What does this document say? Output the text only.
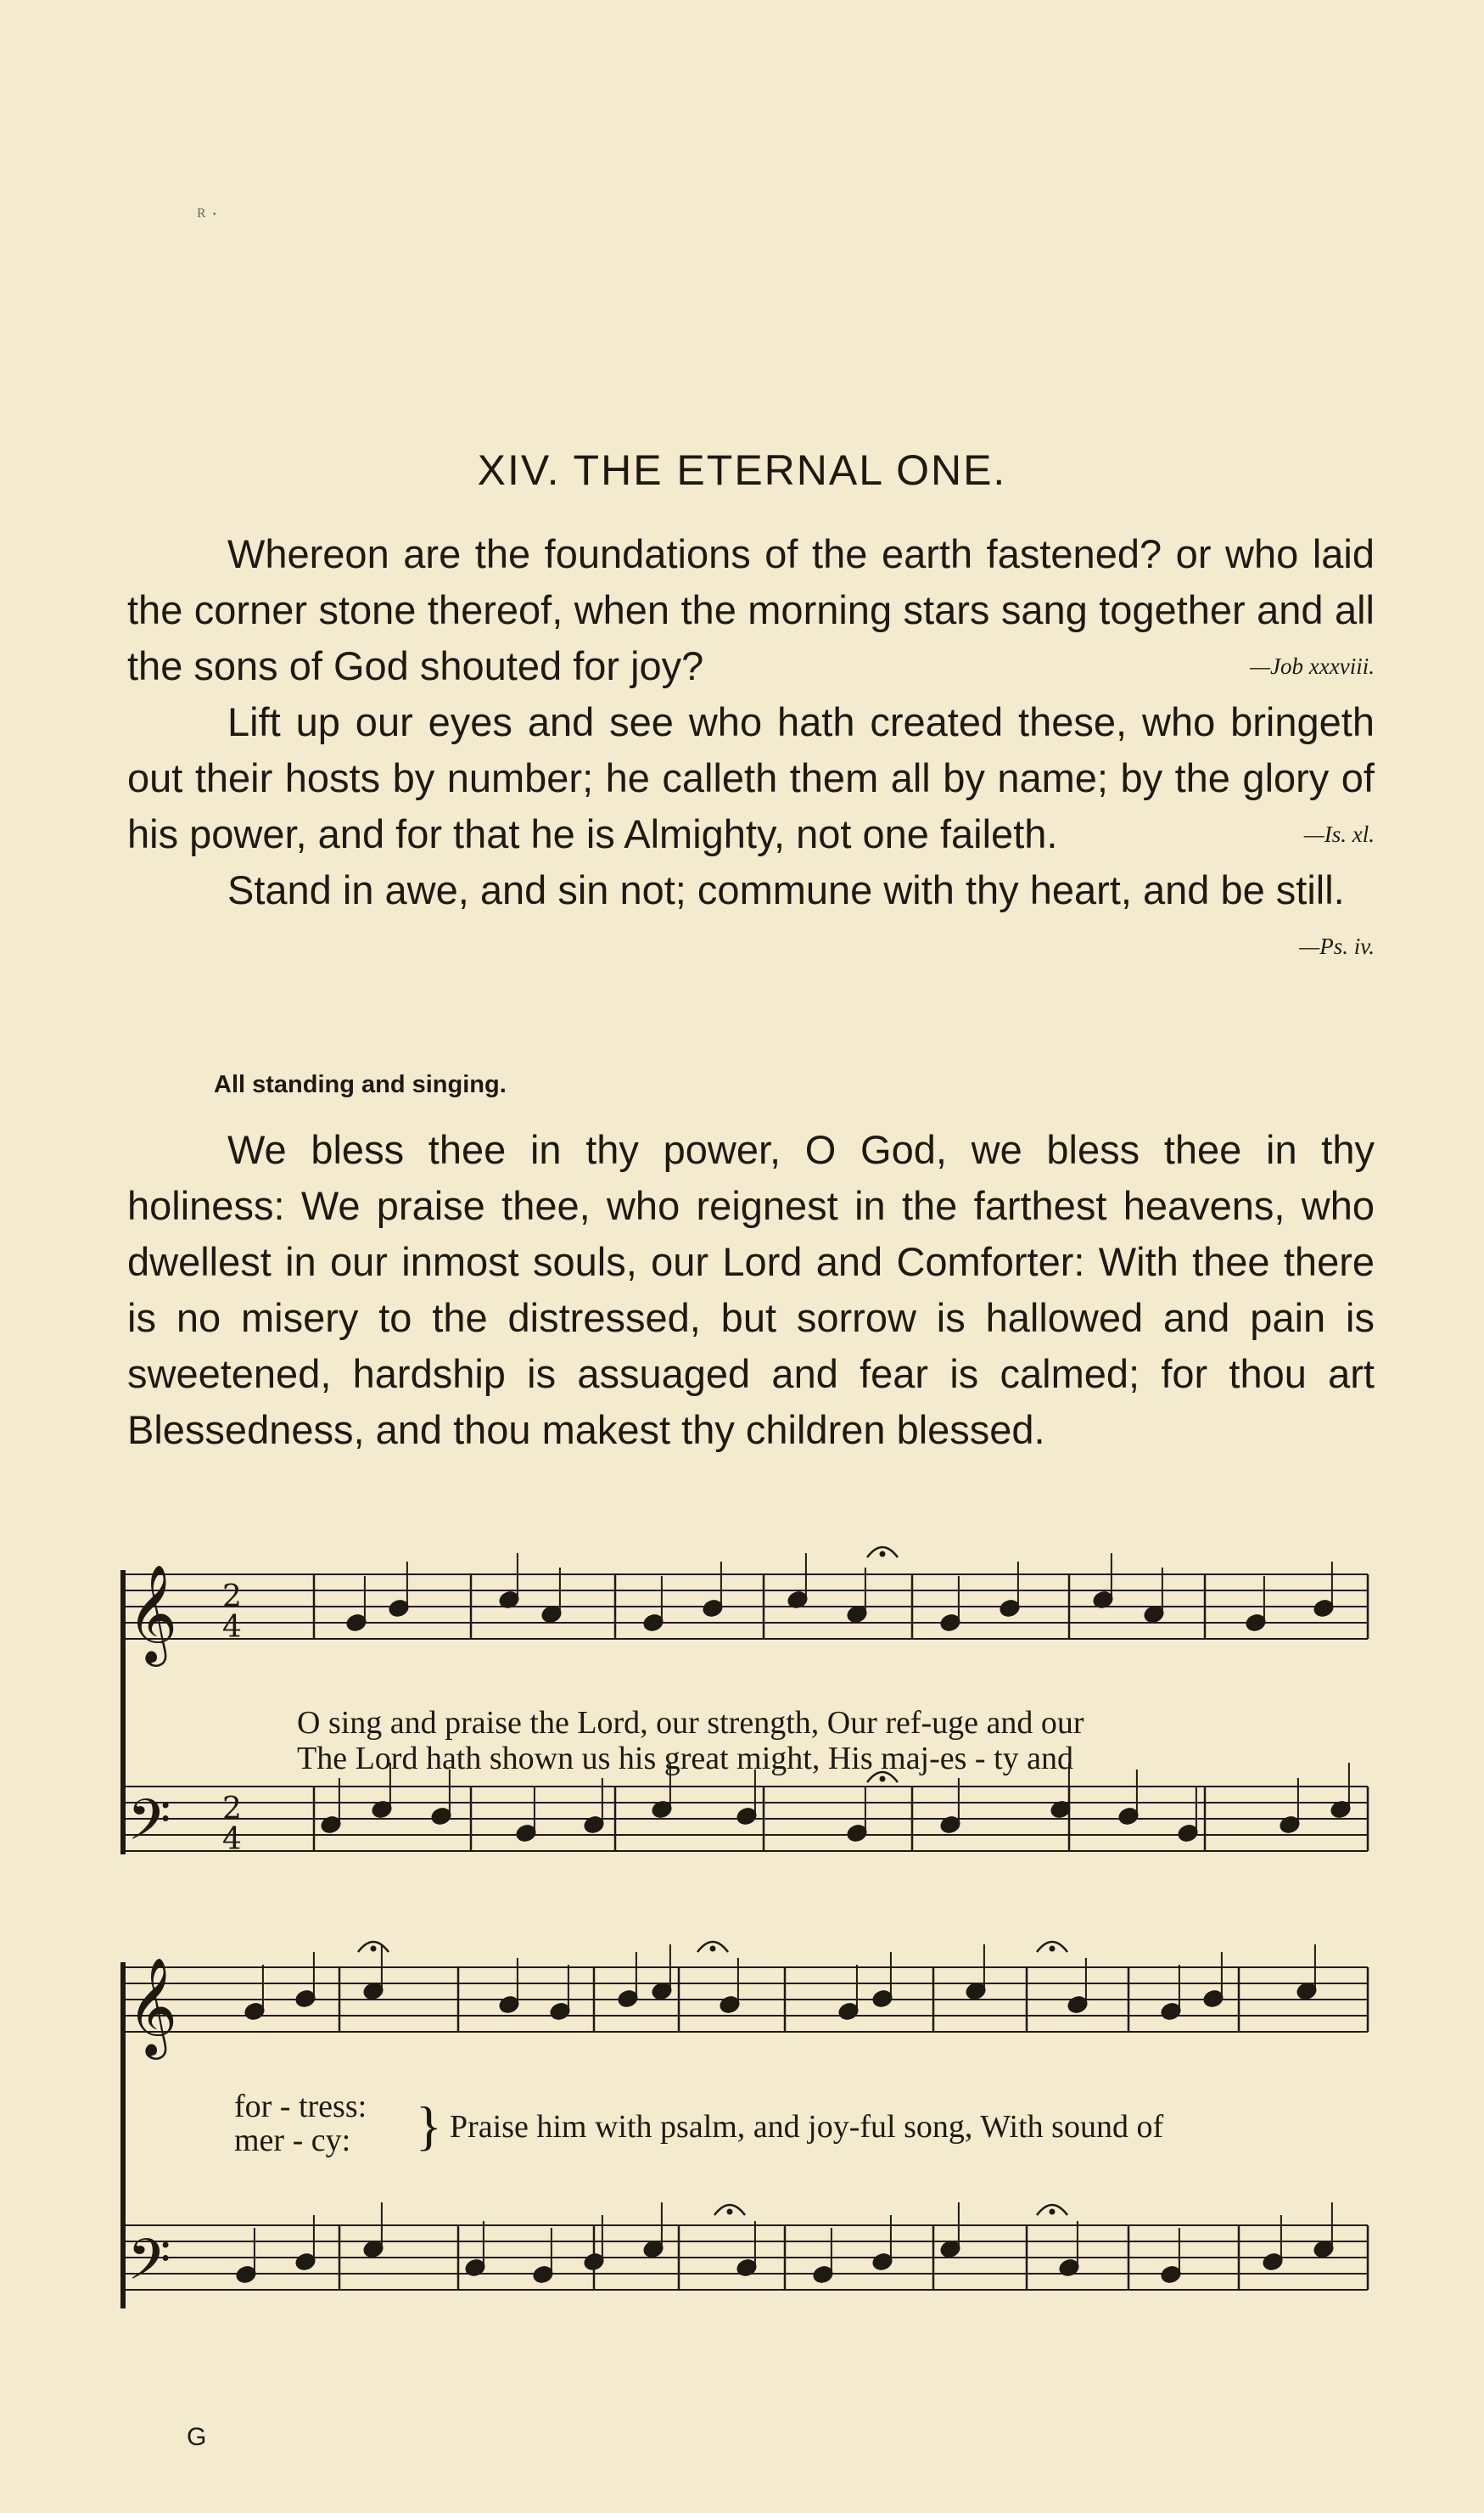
ᴿ ˑ
XIV. THE ETERNAL ONE.

Whereon are the foundations of the earth fastened? or who laid the corner stone thereof, when the morning stars sang together and all the sons of God shouted for joy?	—Job xxxviii.

Lift up our eyes and see who hath created these, who bringeth out their hosts by number; he calleth them all by name; by the glory of his power, and for that he is Almighty, not one faileth.	—Is. xl.

Stand in awe, and sin not; commune with thy heart, and be still.
—Ps. iv.

All standing and singing.

We bless thee in thy power, O God, we bless thee in thy holiness: We praise thee, who reignest in the farthest heavens, who dwellest in our inmost souls, our Lord and Comforter: With thee there is no misery to the distressed, but sorrow is hallowed and pain is sweetened, hardship is assuaged and fear is calmed; for thou art Blessedness, and thou makest thy children blessed.

𝄞
𝄢
2
4
2
4
𝄞
𝄢
O sing and praise the Lord, our strength, Our ref-uge and our
The Lord hath shown us his great might, His maj-es - ty and
for - tress:
mer - cy: } Praise him with psalm, and joy-ful song, With sound of
G
